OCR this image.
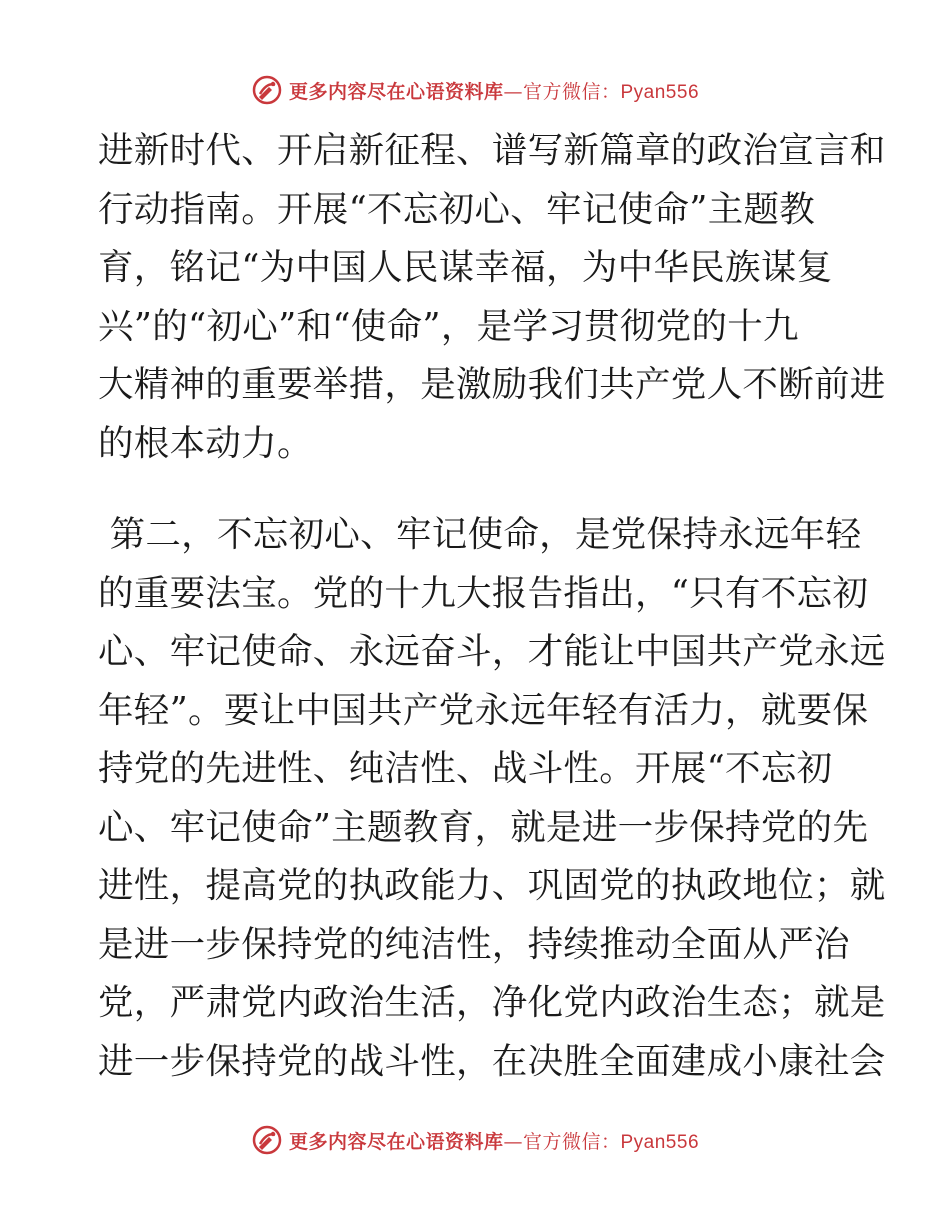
更多内容尽在心语资料库—官方微信：Pyan556
进新时代、开启新征程、谱写新篇章的政治宣言和
行动指南。开展“不忘初心、牢记使命”主题教
育，铭记“为中国人民谋幸福，为中华民族谋复
兴”的“初心”和“使命”，是学习贯彻党的十九
大精神的重要举措，是激励我们共产党人不断前进
的根本动力。
第二，不忘初心、牢记使命，是党保持永远年轻
的重要法宝。党的十九大报告指出，“只有不忘初
心、牢记使命、永远奋斗，才能让中国共产党永远
年轻”。要让中国共产党永远年轻有活力，就要保
持党的先进性、纯洁性、战斗性。开展“不忘初
心、牢记使命”主题教育，就是进一步保持党的先
进性，提高党的执政能力、巩固党的执政地位；就
是进一步保持党的纯洁性，持续推动全面从严治
党，严肃党内政治生活，净化党内政治生态；就是
进一步保持党的战斗性，在决胜全面建成小康社会
更多内容尽在心语资料库—官方微信：Pyan556
